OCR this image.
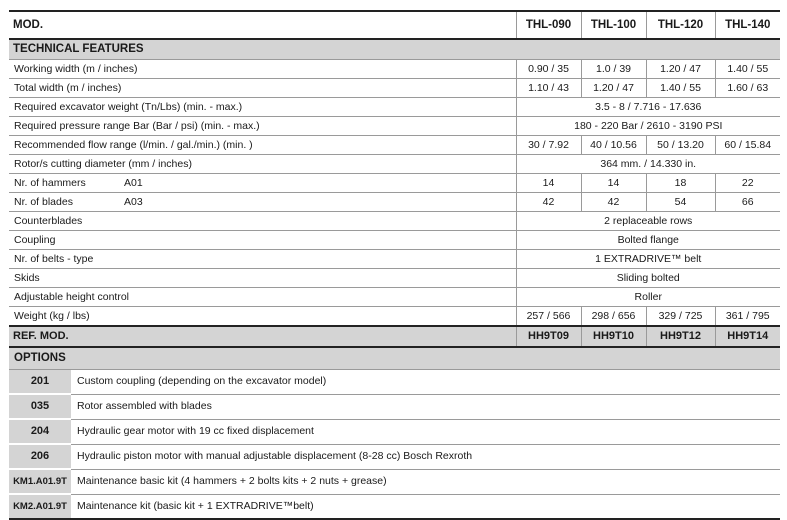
MOD.		THL-090	THL-100	THL-120	THL-140
TECHNICAL FEATURES					
Working width (m / inches)		0.90 / 35	1.0 / 39	1.20 / 47	1.40 / 55
Total width (m / inches)		1.10 / 43	1.20 / 47	1.40 / 55	1.60 / 63
Required excavator weight (Tn/Lbs) (min. - max.)		3.5 - 8 / 7.716 - 17.636			
Required pressure range Bar (Bar / psi) (min. - max.)		180 - 220 Bar / 2610 - 3190 PSI			
Recommended flow range (l/min. / gal./min.) (min. )		30 / 7.92	40 / 10.56	50 / 13.20	60 / 15.84
Rotor/s cutting diameter (mm / inches)		364 mm. / 14.330 in.			
Nr. of hammers	A01	14	14	18	22
Nr. of blades	A03	42	42	54	66
Counterblades		2 replaceable rows			
Coupling		Bolted flange			
Nr. of belts - type		1 EXTRADRIVE™ belt			
Skids		Sliding bolted			
Adjustable height control		Roller			
Weight (kg / lbs)		257 / 566	298 / 656	329 / 725	361 / 795
REF. MOD.		HH9T09	HH9T10	HH9T12	HH9T14
OPTIONS
201	Custom coupling (depending on the excavator model)
035	Rotor assembled with blades
204	Hydraulic gear motor with 19 cc fixed displacement
206	Hydraulic piston motor with manual adjustable displacement (8-28 cc) Bosch Rexroth
KM1.A01.9T	Maintenance basic kit (4 hammers + 2 bolts kits + 2 nuts + grease)
KM2.A01.9T	Maintenance kit (basic kit + 1 EXTRADRIVE™belt)
